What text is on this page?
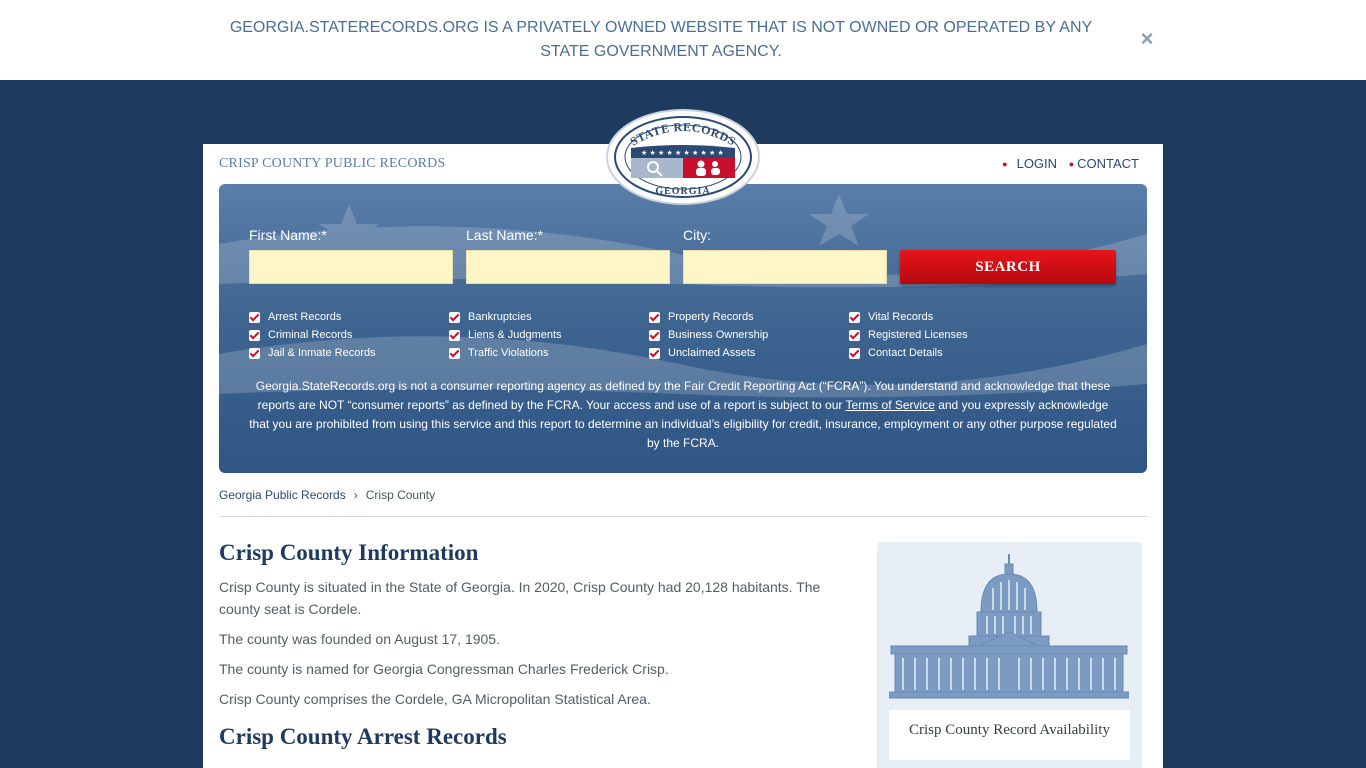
GEORGIA.STATERECORDS.ORG IS A PRIVATELY OWNED WEBSITE THAT IS NOT OWNED OR OPERATED BY ANY STATE GOVERNMENT AGENCY.
×
CRISP COUNTY PUBLIC RECORDS	● LOGIN ● CONTACT
First Name:*	Last Name:*	City:
SEARCH
Arrest Records
Criminal Records
Jail & Inmate Records
Bankruptcies
Liens & Judgments
Traffic Violations
Property Records
Business Ownership
Unclaimed Assets
Vital Records
Registered Licenses
Contact Details
Georgia.StateRecords.org is not a consumer reporting agency as defined by the Fair Credit Reporting Act (“FCRA”). You understand and acknowledge that these reports are NOT “consumer reports” as defined by the FCRA. Your access and use of a report is subject to our Terms of Service and you expressly acknowledge that you are prohibited from using this service and this report to determine an individual’s eligibility for credit, insurance, employment or any other purpose regulated by the FCRA.
Georgia Public Records › Crisp County
Crisp County Information

Crisp County is situated in the State of Georgia. In 2020, Crisp County had 20,128 habitants. The county seat is Cordele.

The county was founded on August 17, 1905.

The county is named for Georgia Congressman Charles Frederick Crisp.

Crisp County comprises the Cordele, GA Micropolitan Statistical Area.

Crisp County Arrest Records	Crisp County Record Availability
★ ★ ★ ★ ★ ★ ★ ★ ★ ★
STATE RECORDS
GEORGIA
